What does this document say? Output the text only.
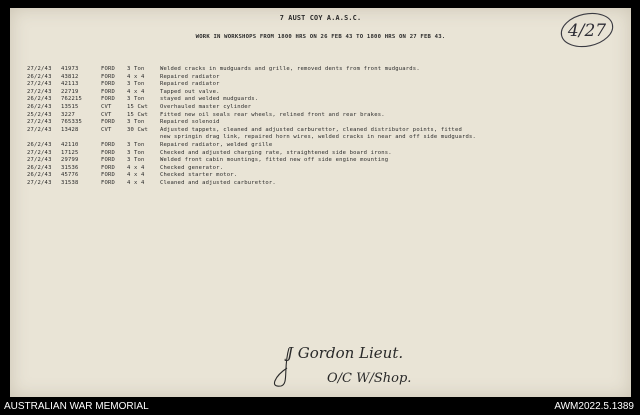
7 AUST COY A.A.S.C.
WORK IN WORKSHOPS FROM 1800 HRS ON 26 FEB 43 TO 1800 HRS ON 27 FEB 43.	4/27
27/2/43	41973	FORD	3 Ton	Welded cracks in mudguards and grille, removed dents from front mudguards.
26/2/43	43812	FORD	4 x 4	Repaired radiator
27/2/43	42113	FORD	3 Ton	Repaired radiator
27/2/43	22719	FORD	4 x 4	Tapped out valve.
26/2/43	762215	FORD	3 Ton	stayed and welded mudguards.
26/2/43	13515	CVT	15 Cwt	Overhauled master cylinder
25/2/43	3227	CVT	15 Cwt	Fitted new oil seals rear wheels, relined front and rear brakes.
27/2/43	765335	FORD	3 Ton	Repaired solenoid
27/2/43	13428	CVT	30 Cwt	Adjusted tappets, cleaned and adjusted carburettor, cleaned distributor points, fitted
new springin drag link, repaired horn wires, welded cracks in near and off side mudguards.
26/2/43	42110	FORD	3 Ton	Repaired radiator, welded grille
27/2/43	17125	FORD	3 Ton	Checked and adjusted charging rate, straightened side board irons.
27/2/43	29799	FORD	3 Ton	Welded front cabin mountings, fitted new off side engine mounting
26/2/43	31536	FORD	4 x 4	Checked generator.
26/2/43	45776	FORD	4 x 4	Checked starter motor.
27/2/43	31538	FORD	4 x 4	Cleaned and adjusted carburettor.
J Gordon Lieut.
O/C W/Shop.
AUSTRALIAN WAR MEMORIAL	AWM2022.5.1389
